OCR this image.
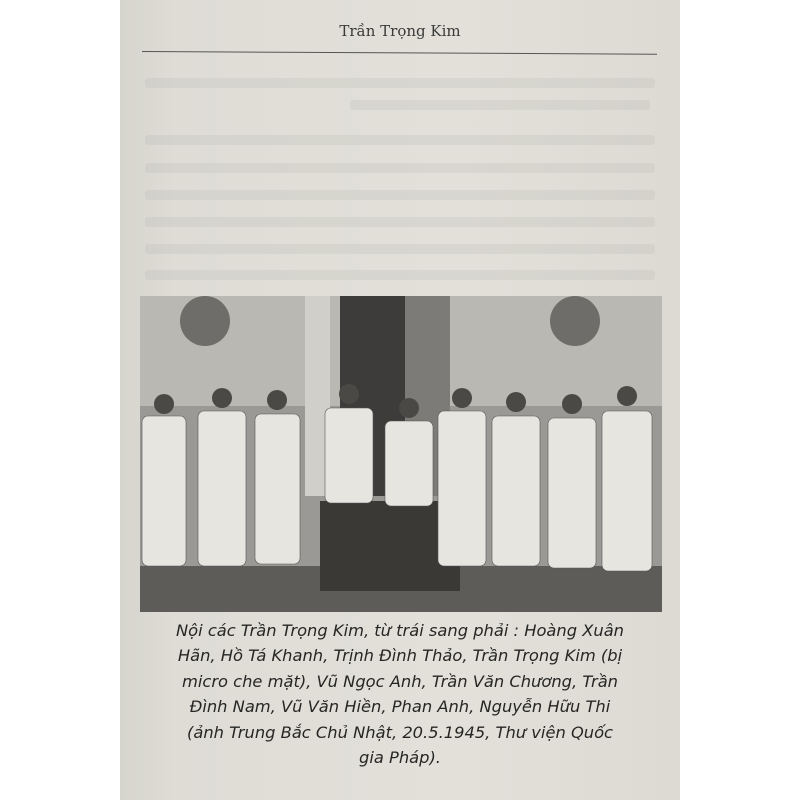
Trần Trọng Kim
Nội các Trần Trọng Kim, từ trái sang phải : Hoàng Xuân
Hãn, Hồ Tá Khanh, Trịnh Đình Thảo, Trần Trọng Kim (bị
micro che mặt), Vũ Ngọc Anh, Trần Văn Chương, Trần
Đình Nam, Vũ Văn Hiền, Phan Anh, Nguyễn Hữu Thi
(ảnh Trung Bắc Chủ Nhật, 20.5.1945, Thư viện Quốc
gia Pháp).
